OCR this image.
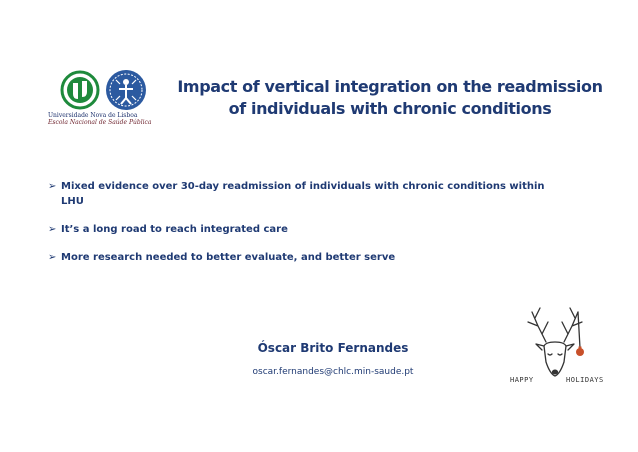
Universidade Nova de Lisboa
Escola Nacional de Saúde Pública
Impact of vertical integration on the readmission of individuals with chronic conditions
➢ Mixed evidence over 30-day readmission of individuals with chronic conditions within LHU
➢ It’s a long road to reach integrated care
➢ More research needed to better evaluate, and better serve
Óscar Brito Fernandes
oscar.fernandes@chlc.min-saude.pt
HAPPY	HOLIDAYS
